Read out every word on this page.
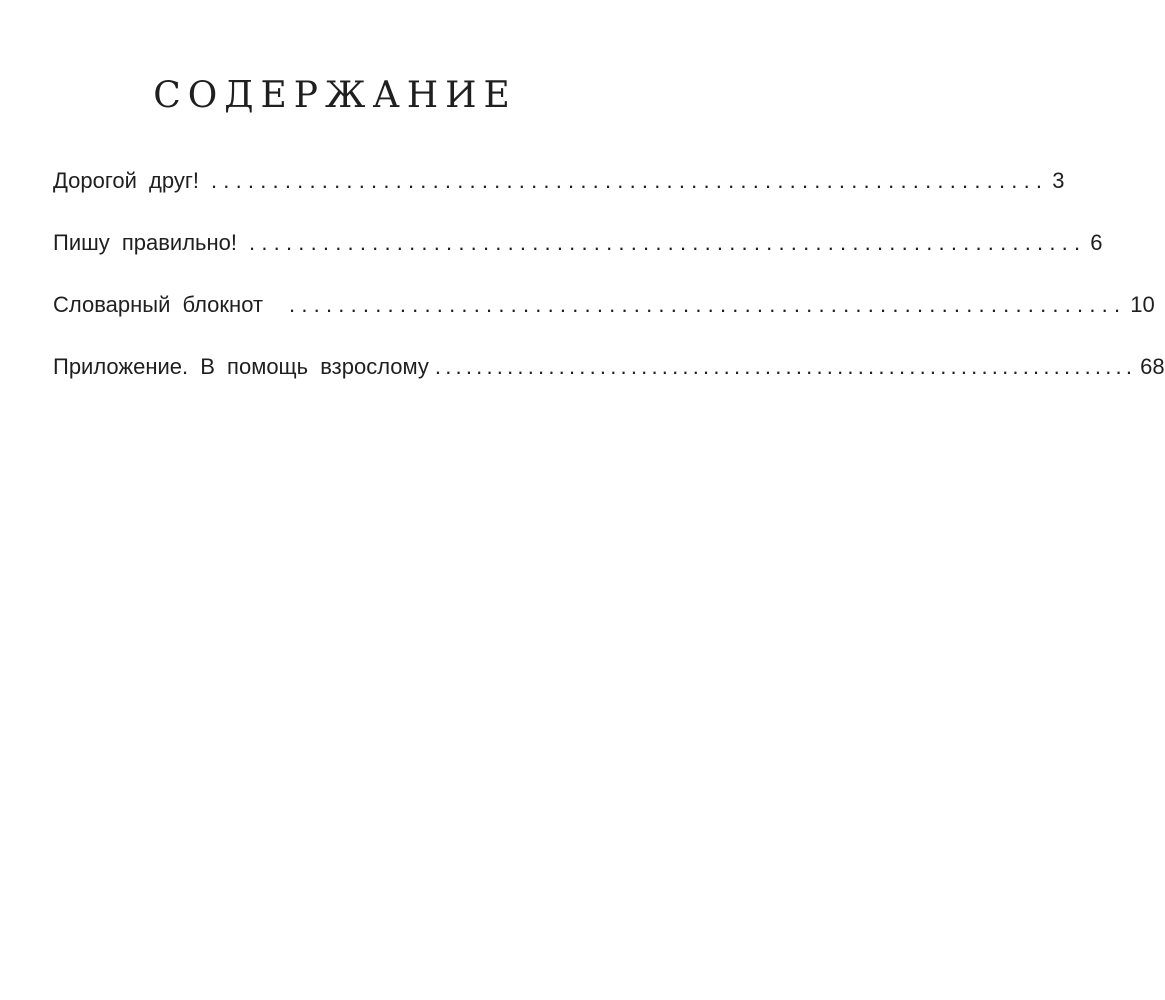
СОДЕРЖАНИЕ
Дорогой друг! .................................................................... 3
Пишу правильно! .................................................................... 6
Словарный блокнот .................................................................... 10
Приложение. В помощь взрослому .................................................................... 68
